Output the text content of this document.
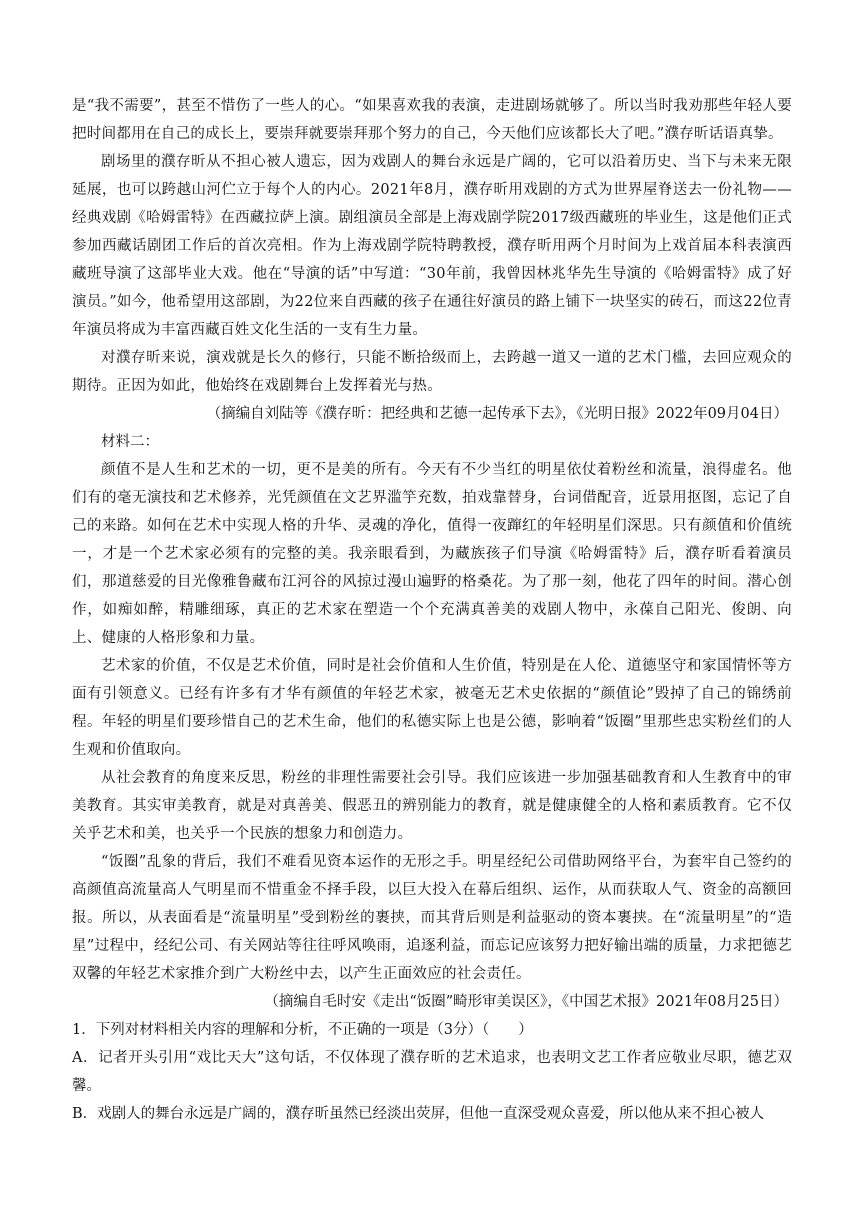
是“我不需要”，甚至不惜伤了一些人的心。“如果喜欢我的表演，走进剧场就够了。所以当时我劝那些年轻人要把时间都用在自己的成长上，要崇拜就要崇拜那个努力的自己，今天他们应该都长大了吧。”濮存昕话语真挚。

剧场里的濮存昕从不担心被人遗忘，因为戏剧人的舞台永远是广阔的，它可以沿着历史、当下与未来无限延展，也可以跨越山河伫立于每个人的内心。2021年8月，濮存昕用戏剧的方式为世界屋脊送去一份礼物——经典戏剧《哈姆雷特》在西藏拉萨上演。剧组演员全部是上海戏剧学院2017级西藏班的毕业生，这是他们正式参加西藏话剧团工作后的首次亮相。作为上海戏剧学院特聘教授，濮存昕用两个月时间为上戏首届本科表演西藏班导演了这部毕业大戏。他在“导演的话”中写道：“30年前，我曾因林兆华先生导演的《哈姆雷特》成了好演员。”如今，他希望用这部剧，为22位来自西藏的孩子在通往好演员的路上铺下一块坚实的砖石，而这22位青年演员将成为丰富西藏百姓文化生活的一支有生力量。

对濮存昕来说，演戏就是长久的修行，只能不断拾级而上，去跨越一道又一道的艺术门槛，去回应观众的期待。正因为如此，他始终在戏剧舞台上发挥着光与热。

（摘编自刘陆等《濮存昕：把经典和艺德一起传承下去》，《光明日报》2022年09月04日）

材料二：

颜值不是人生和艺术的一切，更不是美的所有。今天有不少当红的明星依仗着粉丝和流量，浪得虚名。他们有的毫无演技和艺术修养，光凭颜值在文艺界滥竽充数，拍戏靠替身，台词借配音，近景用抠图，忘记了自己的来路。如何在艺术中实现人格的升华、灵魂的净化，值得一夜蹿红的年轻明星们深思。只有颜值和价值统一，才是一个艺术家必须有的完整的美。我亲眼看到，为藏族孩子们导演《哈姆雷特》后，濮存昕看着演员们，那道慈爱的目光像雅鲁藏布江河谷的风掠过漫山遍野的格桑花。为了那一刻，他花了四年的时间。潜心创作，如痴如醉，精雕细琢，真正的艺术家在塑造一个个充满真善美的戏剧人物中，永葆自己阳光、俊朗、向上、健康的人格形象和力量。

艺术家的价值，不仅是艺术价值，同时是社会价值和人生价值，特别是在人伦、道德坚守和家国情怀等方面有引领意义。已经有许多有才华有颜值的年轻艺术家，被毫无艺术史依据的“颜值论”毁掉了自己的锦绣前程。年轻的明星们要珍惜自己的艺术生命，他们的私德实际上也是公德，影响着“饭圈”里那些忠实粉丝们的人生观和价值取向。

从社会教育的角度来反思，粉丝的非理性需要社会引导。我们应该进一步加强基础教育和人生教育中的审美教育。其实审美教育，就是对真善美、假恶丑的辨别能力的教育，就是健康健全的人格和素质教育。它不仅关乎艺术和美，也关乎一个民族的想象力和创造力。

“饭圈”乱象的背后，我们不难看见资本运作的无形之手。明星经纪公司借助网络平台，为套牢自己签约的高颜值高流量高人气明星而不惜重金不择手段，以巨大投入在幕后组织、运作，从而获取人气、资金的高额回报。所以，从表面看是“流量明星”受到粉丝的裹挟，而其背后则是利益驱动的资本裹挟。在“流量明星”的“造星”过程中，经纪公司、有关网站等往往呼风唤雨，追逐利益，而忘记应该努力把好输出端的质量，力求把德艺双馨的年轻艺术家推介到广大粉丝中去，以产生正面效应的社会责任。

（摘编自毛时安《走出“饭圈”畸形审美误区》，《中国艺术报》2021年08月25日）

1．下列对材料相关内容的理解和分析，不正确的一项是（3分）（　　）

A．记者开头引用“戏比天大”这句话，不仅体现了濮存昕的艺术追求，也表明文艺工作者应敬业尽职，德艺双馨。

B．戏剧人的舞台永远是广阔的，濮存昕虽然已经淡出荧屏，但他一直深受观众喜爱，所以他从来不担心被人
